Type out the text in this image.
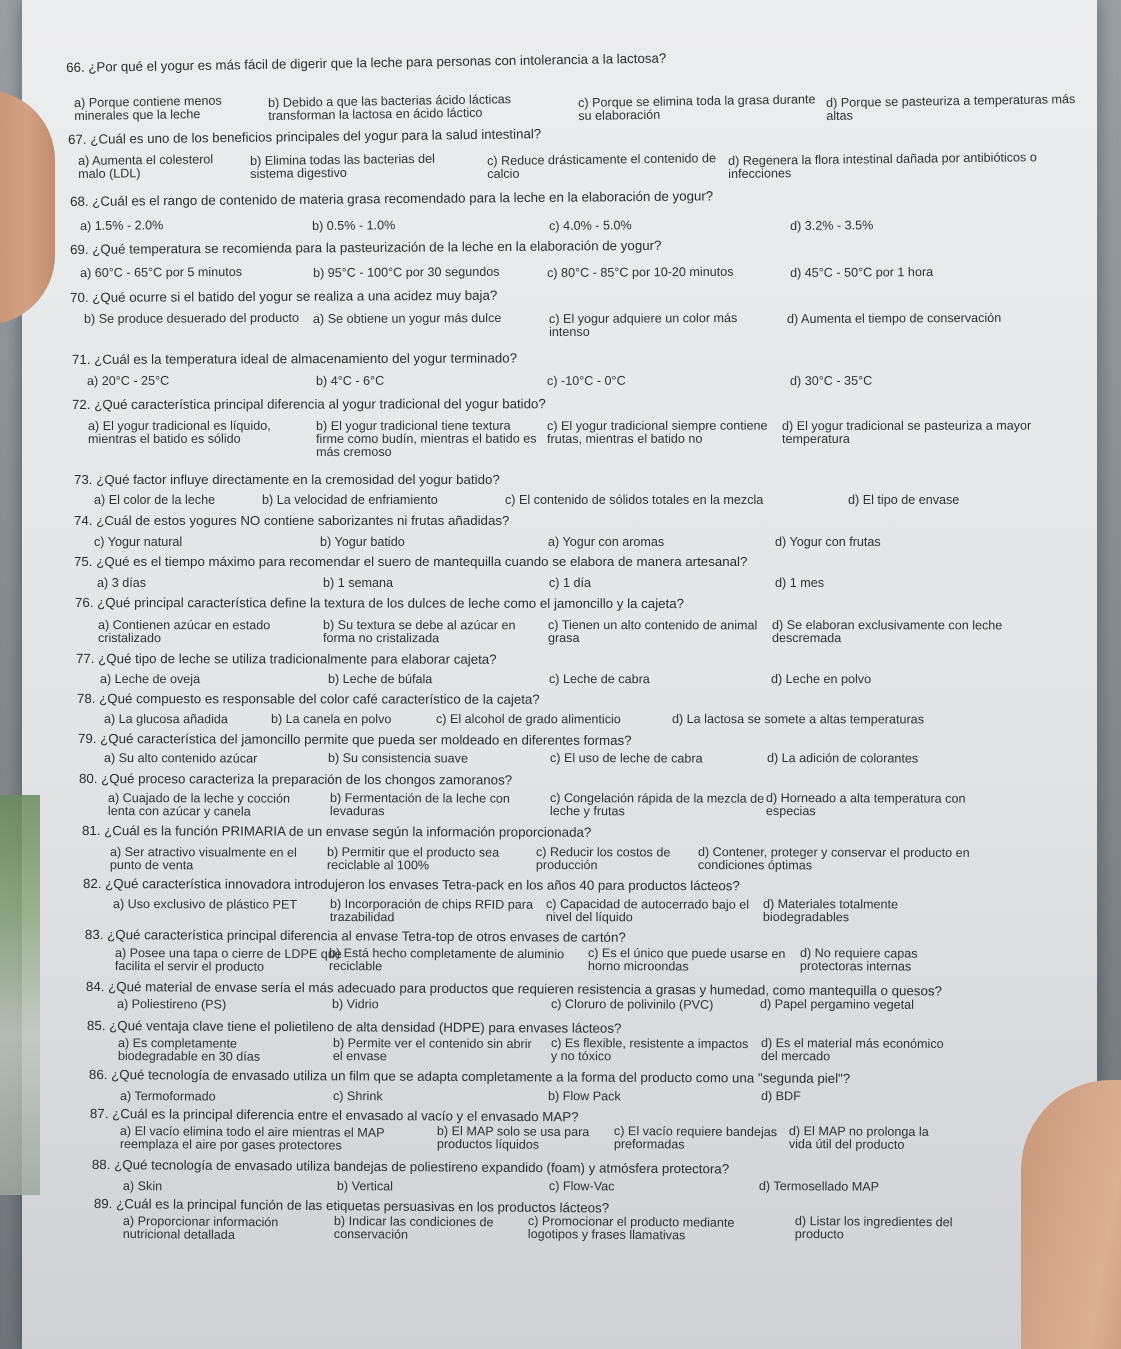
66. ¿Por qué el yogur es más fácil de digerir que la leche para personas con intolerancia a la lactosa?
a) Porque contiene menos minerales que la leche
b) Debido a que las bacterias ácido lácticas transforman la lactosa en ácido láctico
c) Porque se elimina toda la grasa durante su elaboración
d) Porque se pasteuriza a temperaturas más altas
67. ¿Cuál es uno de los beneficios principales del yogur para la salud intestinal?
a) Aumenta el colesterol malo (LDL)
b) Elimina todas las bacterias del sistema digestivo
c) Reduce drásticamente el contenido de calcio
d) Regenera la flora intestinal dañada por antibióticos o infecciones
68. ¿Cuál es el rango de contenido de materia grasa recomendado para la leche en la elaboración de yogur?
a) 1.5% - 2.0%	b) 0.5% - 1.0%	c) 4.0% - 5.0%	d) 3.2% - 3.5%
69. ¿Qué temperatura se recomienda para la pasteurización de la leche en la elaboración de yogur?
a) 60°C - 65°C por 5 minutos	b) 95°C - 100°C por 30 segundos	c) 80°C - 85°C por 10-20 minutos	d) 45°C - 50°C por 1 hora
70. ¿Qué ocurre si el batido del yogur se realiza a una acidez muy baja?
b) Se produce desuerado del producto	a) Se obtiene un yogur más dulce	c) El yogur adquiere un color más intenso
d) Aumenta el tiempo de conservación
71. ¿Cuál es la temperatura ideal de almacenamiento del yogur terminado?
a) 20°C - 25°C	b) 4°C - 6°C	c) -10°C - 0°C	d) 30°C - 35°C
72. ¿Qué característica principal diferencia al yogur tradicional del yogur batido?
a) El yogur tradicional es líquido, mientras el batido es sólido
b) El yogur tradicional tiene textura firme como budín, mientras el batido es más cremoso
c) El yogur tradicional siempre contiene frutas, mientras el batido no
d) El yogur tradicional se pasteuriza a mayor temperatura
73. ¿Qué factor influye directamente en la cremosidad del yogur batido?
a) El color de la leche	b) La velocidad de enfriamiento	c) El contenido de sólidos totales en la mezcla	d) El tipo de envase
74. ¿Cuál de estos yogures NO contiene saborizantes ni frutas añadidas?
c) Yogur natural	b) Yogur batido	a) Yogur con aromas	d) Yogur con frutas
75. ¿Qué es el tiempo máximo para recomendar el suero de mantequilla cuando se elabora de manera artesanal?
a) 3 días	b) 1 semana	c) 1 día	d) 1 mes
76. ¿Qué principal característica define la textura de los dulces de leche como el jamoncillo y la cajeta?
a) Contienen azúcar en estado cristalizado
b) Su textura se debe al azúcar en forma no cristalizada
c) Tienen un alto contenido de animal grasa
d) Se elaboran exclusivamente con leche descremada
77. ¿Qué tipo de leche se utiliza tradicionalmente para elaborar cajeta?
a) Leche de oveja	b) Leche de búfala	c) Leche de cabra	d) Leche en polvo
78. ¿Qué compuesto es responsable del color café característico de la cajeta?
a) La glucosa añadida	b) La canela en polvo	c) El alcohol de grado alimenticio	d) La lactosa se somete a altas temperaturas
79. ¿Qué característica del jamoncillo permite que pueda ser moldeado en diferentes formas?
a) Su alto contenido azúcar	b) Su consistencia suave	c) El uso de leche de cabra	d) La adición de colorantes
80. ¿Qué proceso caracteriza la preparación de los chongos zamoranos?
a) Cuajado de la leche y cocción lenta con azúcar y canela
b) Fermentación de la leche con levaduras
c) Congelación rápida de la mezcla de leche y frutas
d) Horneado a alta temperatura con especias
81. ¿Cuál es la función PRIMARIA de un envase según la información proporcionada?
a) Ser atractivo visualmente en el punto de venta
b) Permitir que el producto sea reciclable al 100%
c) Reducir los costos de producción
d) Contener, proteger y conservar el producto en condiciones óptimas
82. ¿Qué característica innovadora introdujeron los envases Tetra-pack en los años 40 para productos lácteos?
a) Uso exclusivo de plástico PET	b) Incorporación de chips RFID para trazabilidad
c) Capacidad de autocerrado bajo el nivel del líquido
d) Materiales totalmente biodegradables
83. ¿Qué característica principal diferencia al envase Tetra-top de otros envases de cartón?
a) Posee una tapa o cierre de LDPE que facilita el servir el producto
b) Está hecho completamente de aluminio reciclable
c) Es el único que puede usarse en horno microondas
d) No requiere capas protectoras internas
84. ¿Qué material de envase sería el más adecuado para productos que requieren resistencia a grasas y humedad, como mantequilla o quesos?
a) Poliestireno (PS)	b) Vidrio	c) Cloruro de polivinilo (PVC)	d) Papel pergamino vegetal
85. ¿Qué ventaja clave tiene el polietileno de alta densidad (HDPE) para envases lácteos?
a) Es completamente biodegradable en 30 días
b) Permite ver el contenido sin abrir el envase
c) Es flexible, resistente a impactos y no tóxico
d) Es el material más económico del mercado
86. ¿Qué tecnología de envasado utiliza un film que se adapta completamente a la forma del producto como una "segunda piel"?
a) Termoformado	c) Shrink	b) Flow Pack	d) BDF
87. ¿Cuál es la principal diferencia entre el envasado al vacío y el envasado MAP?
a) El vacío elimina todo el aire mientras el MAP reemplaza el aire por gases protectores
b) El MAP solo se usa para productos líquidos
c) El vacío requiere bandejas preformadas
d) El MAP no prolonga la vida útil del producto
88. ¿Qué tecnología de envasado utiliza bandejas de poliestireno expandido (foam) y atmósfera protectora?
a) Skin	b) Vertical	c) Flow-Vac	d) Termosellado MAP
89. ¿Cuál es la principal función de las etiquetas persuasivas en los productos lácteos?
a) Proporcionar información nutricional detallada
b) Indicar las condiciones de conservación
c) Promocionar el producto mediante logotipos y frases llamativas
d) Listar los ingredientes del producto
